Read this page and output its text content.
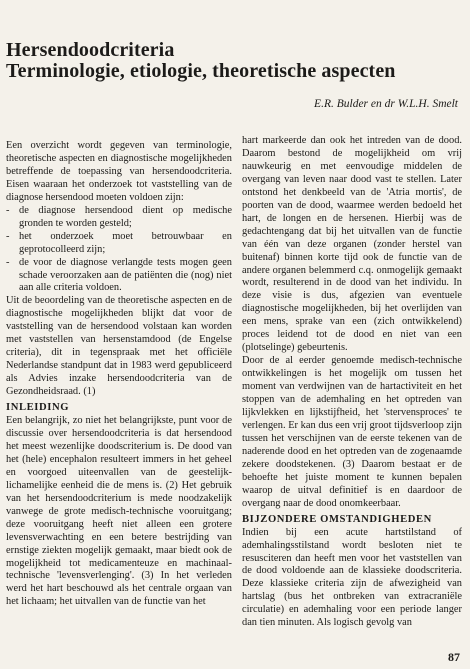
Hersendoodcriteria
Terminologie, etiologie, theoretische aspecten
E.R. Bulder en dr W.L.H. Smelt

Een overzicht wordt gegeven van terminologie, theoretische aspecten en diagnostische mogelijkheden betreffende de toepassing van hersendoodcriteria. Eisen waaraan het onderzoek tot vaststelling van de diagnose hersendood moeten voldoen zijn:

- de diagnose hersendood dient op medische gronden te worden gesteld;
- het onderzoek moet betrouwbaar en geprotocolleerd zijn;
- de voor de diagnose verlangde tests mogen geen schade veroorzaken aan de patiënten die (nog) niet aan alle criteria voldoen.

Uit de beoordeling van de theoretische aspecten en de diagnostische mogelijkheden blijkt dat voor de vaststelling van de hersendood volstaan kan worden met vaststellen van hersenstamdood (de Engelse criteria), dit in tegenspraak met het officiële Nederlandse standpunt dat in 1983 werd gepubliceerd als Advies inzake hersendoodcriteria van de Gezondheidsraad. (1)

INLEIDING

Een belangrijk, zo niet het belangrijkste, punt voor de discussie over hersendoodcriteria is dat hersendood het meest wezenlijke doodscriterium is. De dood van het (hele) encephalon resulteert immers in het geheel en voorgoed uiteenvallen van de geestelijk-lichamelijke eenheid die de mens is. (2) Het gebruik van het hersendoodcriterium is mede noodzakelijk vanwege de grote medisch-technische vooruitgang; deze vooruitgang heeft niet alleen een grotere levensverwachting en een betere bestrijding van ernstige ziekten mogelijk gemaakt, maar biedt ook de mogelijkheid tot medicamenteuze en machinaal-technische 'levensverlenging'. (3) In het verleden werd het hart beschouwd als het centrale orgaan van het lichaam; het uitvallen van de functie van het

hart markeerde dan ook het intreden van de dood. Daarom bestond de mogelijkheid om vrij nauwkeurig en met eenvoudige middelen de overgang van leven naar dood vast te stellen. Later ontstond het denkbeeld van de 'Atria mortis', de poorten van de dood, waarmee werden bedoeld het hart, de longen en de hersenen. Hierbij was de gedachtengang dat bij het uitvallen van de functie van één van deze organen (zonder herstel van buitenaf) binnen korte tijd ook de functie van de andere organen belemmerd c.q. onmogelijk gemaakt wordt, resulterend in de dood van het individu. In deze visie is dus, afgezien van eventuele diagnostische mogelijkheden, bij het overlijden van een mens, sprake van een (zich ontwikkelend) proces leidend tot de dood en niet van een (plotselinge) gebeurtenis.

Door de al eerder genoemde medisch-technische ontwikkelingen is het mogelijk om tussen het moment van verdwijnen van de hartactiviteit en het stoppen van de ademhaling en het optreden van lijkvlekken en lijkstijfheid, het 'stervensproces' te verlengen. Er kan dus een vrij groot tijdsverloop zijn tussen het verschijnen van de eerste tekenen van de naderende dood en het optreden van de zogenaamde zekere doodstekenen. (3) Daarom bestaat er de behoefte het juiste moment te kunnen bepalen waarop de uitval definitief is en daardoor de overgang naar de dood onomkeerbaar.

BIJZONDERE OMSTANDIGHEDEN

Indien bij een acute hartstilstand of ademhalingsstilstand wordt besloten niet te resusciteren dan heeft men voor het vaststellen van de dood voldoende aan de klassieke doodscriteria. Deze klassieke criteria zijn de afwezigheid van hartslag (bus het ontbreken van extracraniële circulatie) en ademhaling voor een periode langer dan tien minuten. Als logisch gevolg van

87
